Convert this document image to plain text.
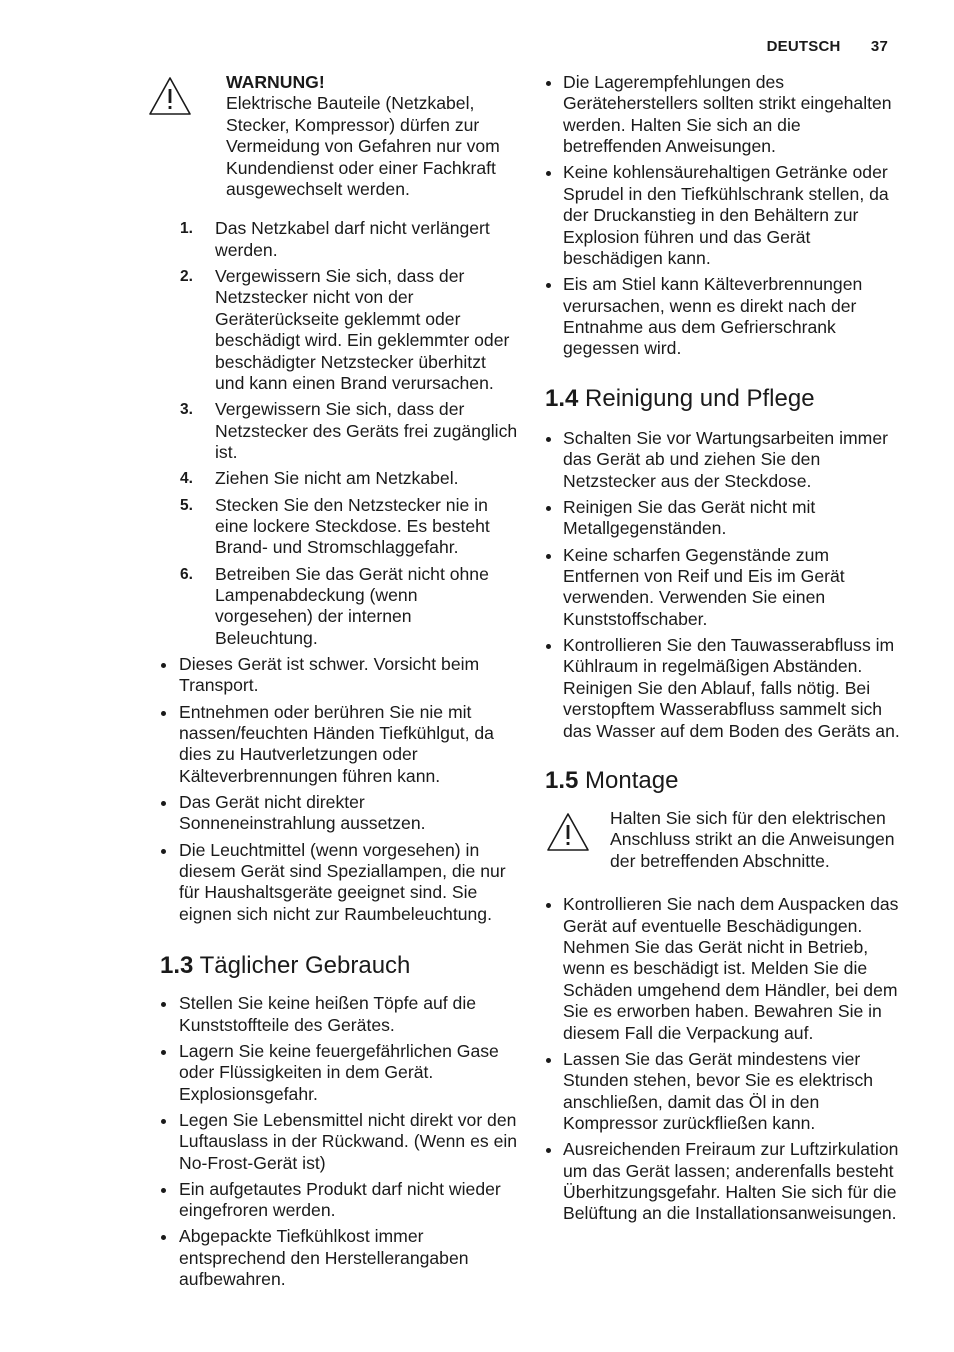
DEUTSCH 37
WARNUNG!
Elektrische Bauteile (Netzkabel, Stecker, Kompressor) dürfen zur Vermeidung von Gefahren nur vom Kundendienst oder einer Fachkraft ausgewechselt werden.
1. Das Netzkabel darf nicht verlängert werden.
2. Vergewissern Sie sich, dass der Netzstecker nicht von der Geräterückseite geklemmt oder beschädigt wird. Ein geklemmter oder beschädigter Netzstecker überhitzt und kann einen Brand verursachen.
3. Vergewissern Sie sich, dass der Netzstecker des Geräts frei zugänglich ist.
4. Ziehen Sie nicht am Netzkabel.
5. Stecken Sie den Netzstecker nie in eine lockere Steckdose. Es besteht Brand- und Stromschlaggefahr.
6. Betreiben Sie das Gerät nicht ohne Lampenabdeckung (wenn vorgesehen) der internen Beleuchtung.
Dieses Gerät ist schwer. Vorsicht beim Transport.
Entnehmen oder berühren Sie nie mit nassen/feuchten Händen Tiefkühlgut, da dies zu Hautverletzungen oder Kälteverbrennungen führen kann.
Das Gerät nicht direkter Sonneneinstrahlung aussetzen.
Die Leuchtmittel (wenn vorgesehen) in diesem Gerät sind Speziallampen, die nur für Haushaltsgeräte geeignet sind. Sie eignen sich nicht zur Raumbeleuchtung.
1.3 Täglicher Gebrauch
Stellen Sie keine heißen Töpfe auf die Kunststoffteile des Gerätes.
Lagern Sie keine feuergefährlichen Gase oder Flüssigkeiten in dem Gerät. Explosionsgefahr.
Legen Sie Lebensmittel nicht direkt vor den Luftauslass in der Rückwand. (Wenn es ein No-Frost-Gerät ist)
Ein aufgetautes Produkt darf nicht wieder eingefroren werden.
Abgepackte Tiefkühlkost immer entsprechend den Herstellerangaben aufbewahren.
Die Lagerempfehlungen des Geräteherstellers sollten strikt eingehalten werden. Halten Sie sich an die betreffenden Anweisungen.
Keine kohlensäurehaltigen Getränke oder Sprudel in den Tiefkühlschrank stellen, da der Druckanstieg in den Behältern zur Explosion führen und das Gerät beschädigen kann.
Eis am Stiel kann Kälteverbrennungen verursachen, wenn es direkt nach der Entnahme aus dem Gefrierschrank gegessen wird.
1.4 Reinigung und Pflege
Schalten Sie vor Wartungsarbeiten immer das Gerät ab und ziehen Sie den Netzstecker aus der Steckdose.
Reinigen Sie das Gerät nicht mit Metallgegenständen.
Keine scharfen Gegenstände zum Entfernen von Reif und Eis im Gerät verwenden. Verwenden Sie einen Kunststoffschaber.
Kontrollieren Sie den Tauwasserabfluss im Kühlraum in regelmäßigen Abständen. Reinigen Sie den Ablauf, falls nötig. Bei verstopftem Wasserabfluss sammelt sich das Wasser auf dem Boden des Geräts an.
1.5 Montage
Halten Sie sich für den elektrischen Anschluss strikt an die Anweisungen der betreffenden Abschnitte.
Kontrollieren Sie nach dem Auspacken das Gerät auf eventuelle Beschädigungen. Nehmen Sie das Gerät nicht in Betrieb, wenn es beschädigt ist. Melden Sie die Schäden umgehend dem Händler, bei dem Sie es erworben haben. Bewahren Sie in diesem Fall die Verpackung auf.
Lassen Sie das Gerät mindestens vier Stunden stehen, bevor Sie es elektrisch anschließen, damit das Öl in den Kompressor zurückfließen kann.
Ausreichenden Freiraum zur Luftzirkulation um das Gerät lassen; anderenfalls besteht Überhitzungsgefahr. Halten Sie sich für die Belüftung an die Installationsanweisungen.
